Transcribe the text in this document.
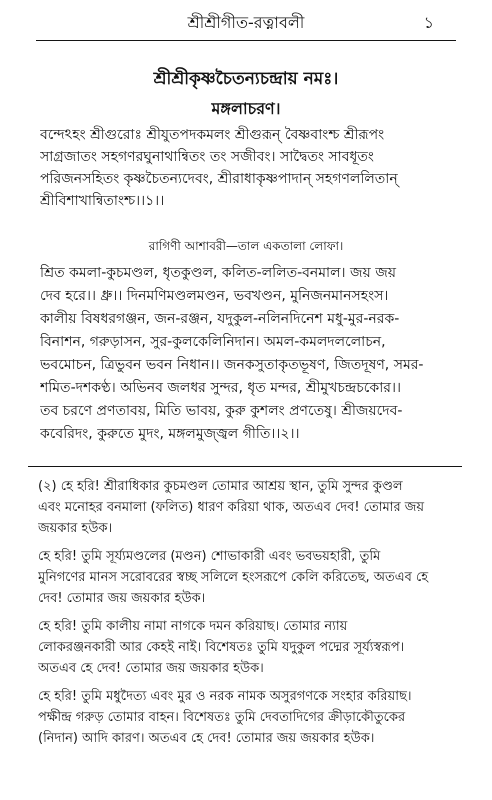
শ্রীশ্রীগীত-রত্নাবলী	১
শ্রীশ্রীকৃষ্ণচৈতন্যচন্দ্রায় নমঃ।
মঙ্গলাচরণ।
বন্দেঽহং শ্রীগুরোঃ শ্রীযুতপদকমলং শ্রীগুরূন্ বৈষ্ণবাংশ্চ শ্রীরূপং
সাগ্রজাতং সহগণরঘুনাথান্বিতং তং সজীবং। সাদ্বৈতং সাবধূতং
পরিজনসহিতং কৃষ্ণচৈতন্যদেবং, শ্রীরাধাকৃষ্ণপাদান্ সহগণললিতান্
শ্রীবিশাখান্বিতাংশ্চ।।১।।
রাগিণী আশাবরী—তাল একতালা লোফা।
শ্রিত কমলা-কুচমণ্ডল, ধৃতকুণ্ডল, কলিত-ললিত-বনমাল। জয় জয়
দেব হরে।। ধ্রু।। দিনমণিমণ্ডলমণ্ডন, ভবখণ্ডন, মুনিজনমানসহংস।
কালীয় বিষধরগঞ্জন, জন-রঞ্জন, যদুকুল-নলিনদিনেশ মধু-মুর-নরক-
বিনাশন, গরুড়াসন, সুর-কুলকেলিনিদান। অমল-কমলদললোচন,
ভবমোচন, ত্রিভুবন ভবন নিধান।। জনকসুতাকৃতভূষণ, জিতদূষণ, সমর-
শমিত-দশকণ্ঠ। অভিনব জলধর সুন্দর, ধৃত মন্দর, শ্রীমুখচন্দ্রচকোর।।
তব চরণে প্রণতাবয়, মিতি ভাবয়, কুরু কুশলং প্রণতেষু। শ্রীজয়দেব-
কবেরিদং, কুরুতে মুদং, মঙ্গলমুজ্জ্বল গীতি।।২।।
(২) হে হরি! শ্রীরাধিকার কুচমণ্ডল তোমার আশ্রয় স্থান, তুমি সুন্দর কুণ্ডল
এবং মনোহর বনমালা (ফলিত) ধারণ করিয়া থাক, অতএব দেব! তোমার জয়
জয়কার হউক।
হে হরি! তুমি সূর্য্যমণ্ডলের (মণ্ডন) শোভাকারী এবং ভবভয়হারী, তুমি
মুনিগণের মানস সরোবরের স্বচ্ছ সলিলে হংসরূপে কেলি করিতেছ, অতএব হে
দেব! তোমার জয় জয়কার হউক।
হে হরি! তুমি কালীয় নামা নাগকে দমন করিয়াছ। তোমার ন্যায়
লোকরঞ্জনকারী আর কেহই নাই। বিশেষতঃ তুমি যদুকুল পদ্মের সূর্য্যস্বরূপ।
অতএব হে দেব! তোমার জয় জয়কার হউক।
হে হরি! তুমি মধুদৈত্য এবং মুর ও নরক নামক অসুরগণকে সংহার করিয়াছ।
পক্ষীন্দ্র গরুড় তোমার বাহন। বিশেষতঃ তুমি দেবতাদিগের ক্রীড়াকৌতুকের
(নিদান) আদি কারণ। অতএব হে দেব! তোমার জয় জয়কার হউক।
